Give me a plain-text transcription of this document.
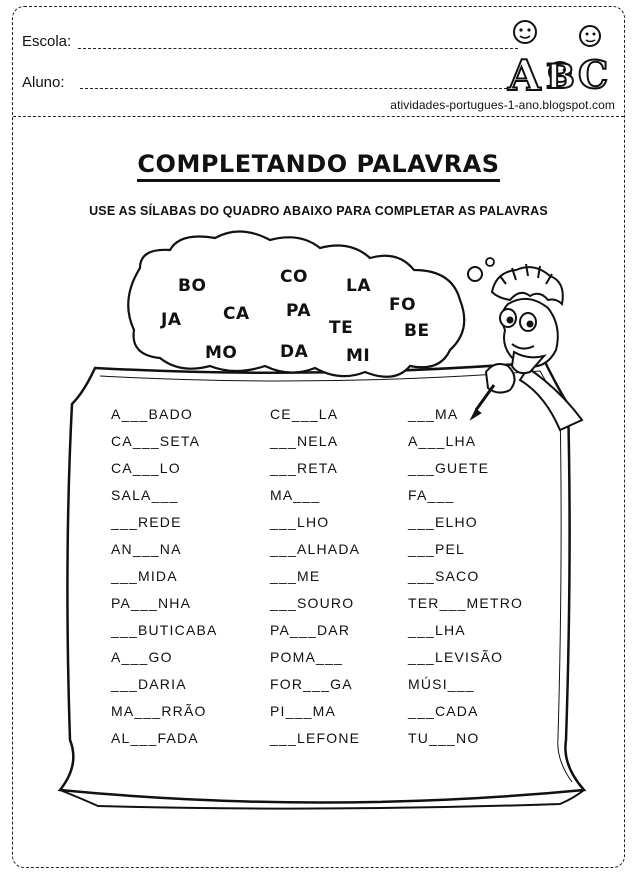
Escola:
Aluno:
atividades-portugues-1-ano.blogspot.com
A B C
COMPLETANDO PALAVRAS
USE AS SÍLABAS DO QUADRO ABAIXO PARA COMPLETAR AS PALAVRAS
BO	CO LA
JA CA PA	FO
TE	BE
MO	DA MI
A___BADO
CA___SETA
CA___LO
SALA___
___REDE
AN___NA
___MIDA
PA___NHA
___BUTICABA
A___GO
___DARIA
MA___RRÃO
AL___FADA
CE___LA
___NELA
___RETA
MA___
___LHO
___ALHADA
___ME
___SOURO
PA___DAR
POMA___
FOR___GA
PI___MA
___LEFONE
___MA
A___LHA
___GUETE
FA___
___ELHO
___PEL
___SACO
TER___METRO
___LHA
___LEVISÃO
MÚSI___
___CADA
TU___NO
